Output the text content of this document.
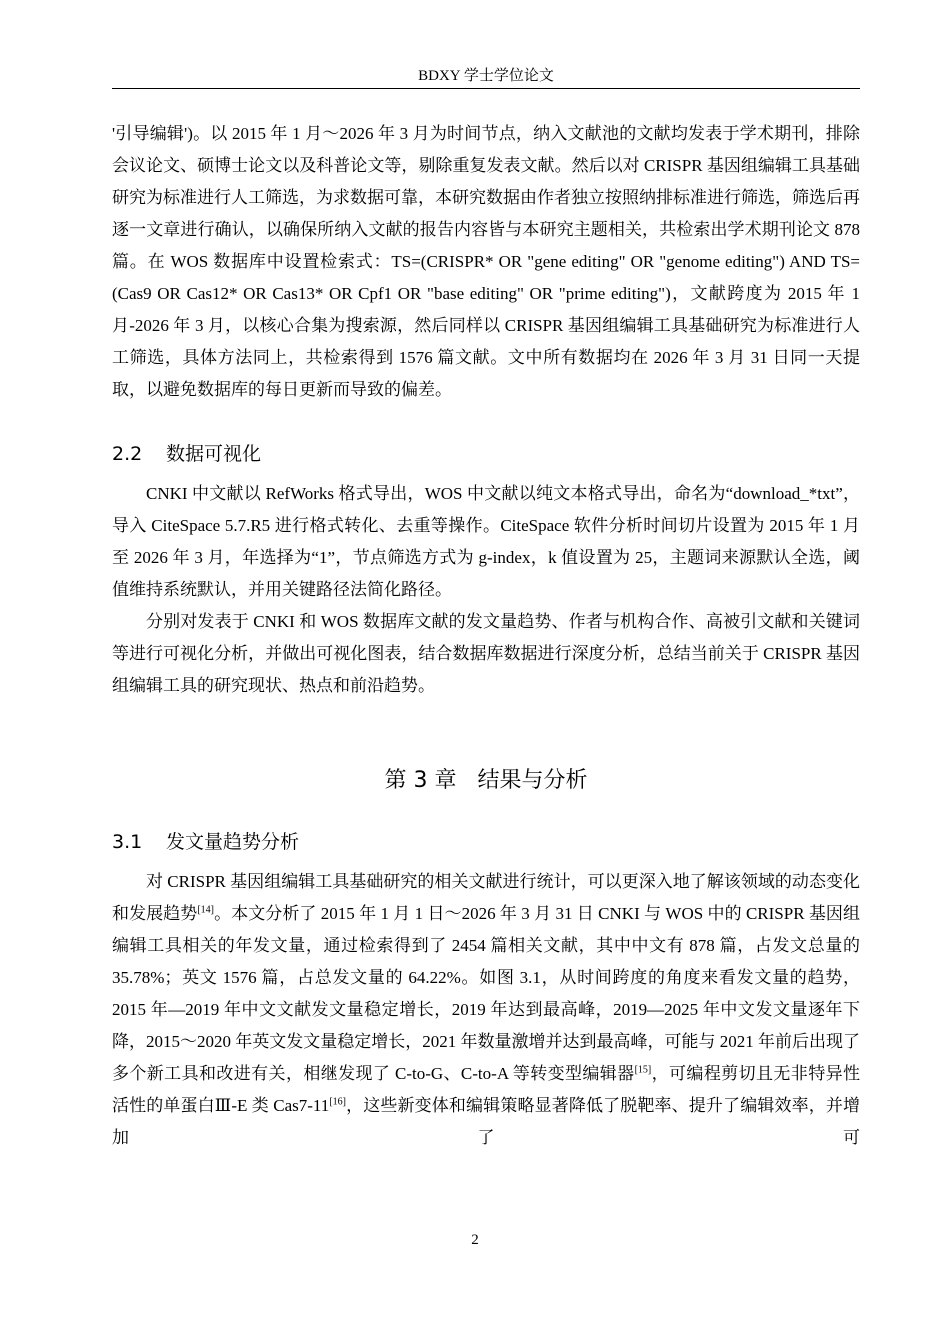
BDXY 学士学位论文

'引导编辑')。以 2015 年 1 月～2026 年 3 月为时间节点，纳入文献池的文献均发表于学术期刊，排除会议论文、硕博士论文以及科普论文等，剔除重复发表文献。然后以对 CRISPR 基因组编辑工具基础研究为标准进行人工筛选，为求数据可靠，本研究数据由作者独立按照纳排标准进行筛选，筛选后再逐一文章进行确认，以确保所纳入文献的报告内容皆与本研究主题相关，共检索出学术期刊论文 878 篇。在 WOS 数据库中设置检索式：TS=(CRISPR* OR "gene editing" OR "genome editing") AND TS=(Cas9 OR Cas12* OR Cas13* OR Cpf1 OR "base editing" OR "prime editing")，文献跨度为 2015 年 1 月-2026 年 3 月，以核心合集为搜索源，然后同样以 CRISPR 基因组编辑工具基础研究为标准进行人工筛选，具体方法同上，共检索得到 1576 篇文献。文中所有数据均在 2026 年 3 月 31 日同一天提取，以避免数据库的每日更新而导致的偏差。

2.2 数据可视化

CNKI 中文献以 RefWorks 格式导出，WOS 中文献以纯文本格式导出，命名为“download_*txt”，导入 CiteSpace 5.7.R5 进行格式转化、去重等操作。CiteSpace 软件分析时间切片设置为 2015 年 1 月至 2026 年 3 月，年选择为“1”，节点筛选方式为 g-index，k 值设置为 25，主题词来源默认全选，阈值维持系统默认，并用关键路径法简化路径。

分别对发表于 CNKI 和 WOS 数据库文献的发文量趋势、作者与机构合作、高被引文献和关键词等进行可视化分析，并做出可视化图表，结合数据库数据进行深度分析，总结当前关于 CRISPR 基因组编辑工具的研究现状、热点和前沿趋势。

第 3 章 结果与分析
3.1 发文量趋势分析

对 CRISPR 基因组编辑工具基础研究的相关文献进行统计，可以更深入地了解该领域的动态变化和发展趋势[14]。本文分析了 2015 年 1 月 1 日～2026 年 3 月 31 日 CNKI 与 WOS 中的 CRISPR 基因组编辑工具相关的年发文量，通过检索得到了 2454 篇相关文献，其中中文有 878 篇，占发文总量的 35.78%；英文 1576 篇，占总发文量的 64.22%。如图 3.1，从时间跨度的角度来看发文量的趋势，2015 年—2019 年中文文献发文量稳定增长，2019 年达到最高峰，2019—2025 年中文发文量逐年下降，2015～2020 年英文发文量稳定增长，2021 年数量激增并达到最高峰，可能与 2021 年前后出现了多个新工具和改进有关，相继发现了 C-to-G、C-to-A 等转变型编辑器[15]，可编程剪切且无非特异性活性的单蛋白Ⅲ-E 类 Cas7-11[16]，这些新变体和编辑策略显著降低了脱靶率、提升了编辑效率，并增加了可

2
